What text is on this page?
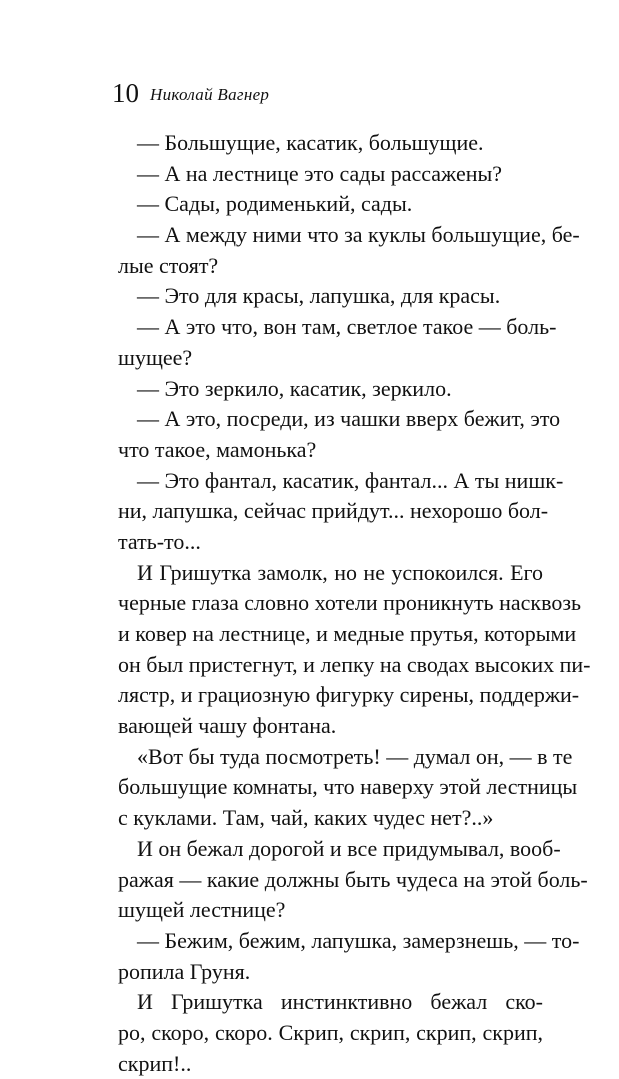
10 Николай Вагнер
— Большущие, касатик, большущие.
— А на лестнице это сады рассажены?
— Сады, родименький, сады.
— А между ними что за куклы большущие, бе-
лые стоят?
— Это для красы, лапушка, для красы.
— А это что, вон там, светлое такое — боль-
шущее?
— Это зеркило, касатик, зеркило.
— А это, посреди, из чашки вверх бежит, это
что такое, мамонька?
— Это фантал, касатик, фантал... А ты нишк-
ни, лапушка, сейчас прийдут... нехорошо бол-
тать-то...
И Гришутка замолк, но не успокоился. Его
черные глаза словно хотели проникнуть насквозь
и ковер на лестнице, и медные прутья, которыми
он был пристегнут, и лепку на сводах высоких пи-
лястр, и грациозную фигурку сирены, поддержи-
вающей чашу фонтана.
«Вот бы туда посмотреть! — думал он, — в те
большущие комнаты, что наверху этой лестницы
с куклами. Там, чай, каких чудес нет?..»
И он бежал дорогой и все придумывал, вооб-
ражая — какие должны быть чудеса на этой боль-
шущей лестнице?
— Бежим, бежим, лапушка, замерзнешь, — то-
ропила Груня.
И Гришутка инстинктивно бежал ско-
ро, скоро, скоро. Скрип, скрип, скрип, скрип,
скрип!..
